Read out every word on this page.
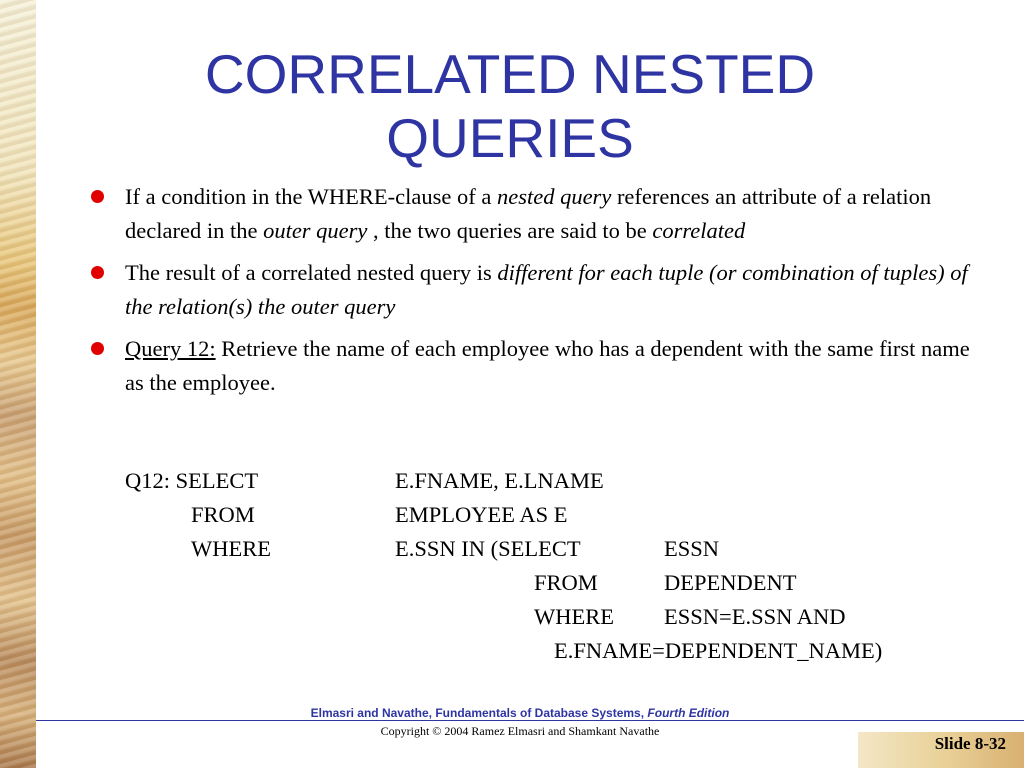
CORRELATED NESTED QUERIES
If a condition in the WHERE-clause of a nested query references an attribute of a relation declared in the outer query , the two queries are said to be correlated
The result of a correlated nested query is different for each tuple (or combination of tuples) of the relation(s) the outer query
Query 12: Retrieve the name of each employee who has a dependent with the same first name as the employee.
Q12: SELECT	E.FNAME, E.LNAME
FROM	EMPLOYEE AS E
WHERE	E.SSN IN (SELECT	ESSN
FROM	DEPENDENT
WHERE ESSN=E.SSN AND
E.FNAME=DEPENDENT_NAME)
Elmasri and Navathe, Fundamentals of Database Systems, Fourth Edition
Copyright © 2004 Ramez Elmasri and Shamkant Navathe
Slide 8-32
